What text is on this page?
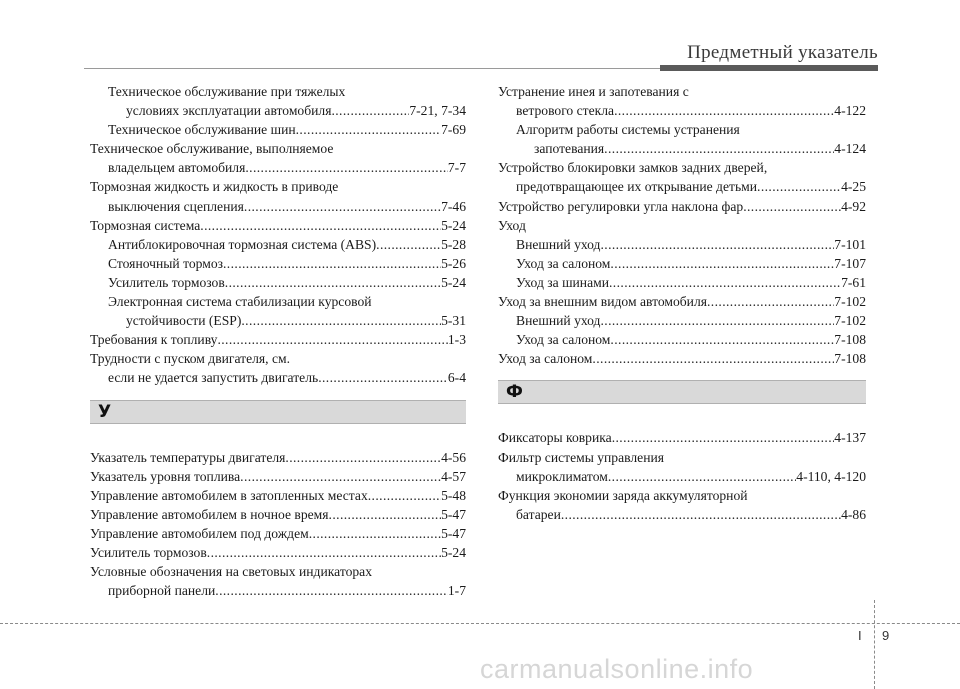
Предметный указатель
Техническое обслуживание при тяжелых
условиях эксплуатации автомобиля .....	7-21, 7-34
Техническое обслуживание шин .....	7-69
Техническое обслуживание, выполняемое
владельцем автомобиля .....	7-7
Тормозная жидкость и жидкость в приводе
выключения сцепления .....	7-46
Тормозная система .....	5-24
Антиблокировочная тормозная система (ABS) .....	5-28
Стояночный тормоз .....	5-26
Усилитель тормозов .....	5-24
Электронная система стабилизации курсовой
устойчивости (ESP) .....	5-31
Требования к топливу .....	1-3
Трудности с пуском двигателя, см.
если не удается запустить двигатель .....	6-4
У
Указатель температуры двигателя .....	4-56
Указатель уровня топлива .....	4-57
Управление автомобилем в затопленных местах .....	5-48
Управление автомобилем в ночное время .....	5-47
Управление автомобилем под дождем .....	5-47
Усилитель тормозов .....	5-24
Условные обозначения на световых индикаторах
приборной панели .....	1-7
Устранение инея и запотевания с
ветрового стекла .....	4-122
Алгоритм работы системы устранения
запотевания .....	4-124
Устройство блокировки замков задних дверей,
предотвращающее их открывание детьми .....	4-25
Устройство регулировки угла наклона фар .....	4-92
Уход
Внешний уход .....	7-101
Уход за салоном .....	7-107
Уход за шинами .....	7-61
Уход за внешним видом автомобиля .....	7-102
Внешний уход .....	7-102
Уход за салоном .....	7-108
Уход за салоном .....	7-108
Ф
Фиксаторы коврика .....	4-137
Фильтр системы управления
микроклиматом .....	4-110, 4-120
Функция экономии заряда аккумуляторной
батареи .....	4-86
I 9
carmanualsonline.info
